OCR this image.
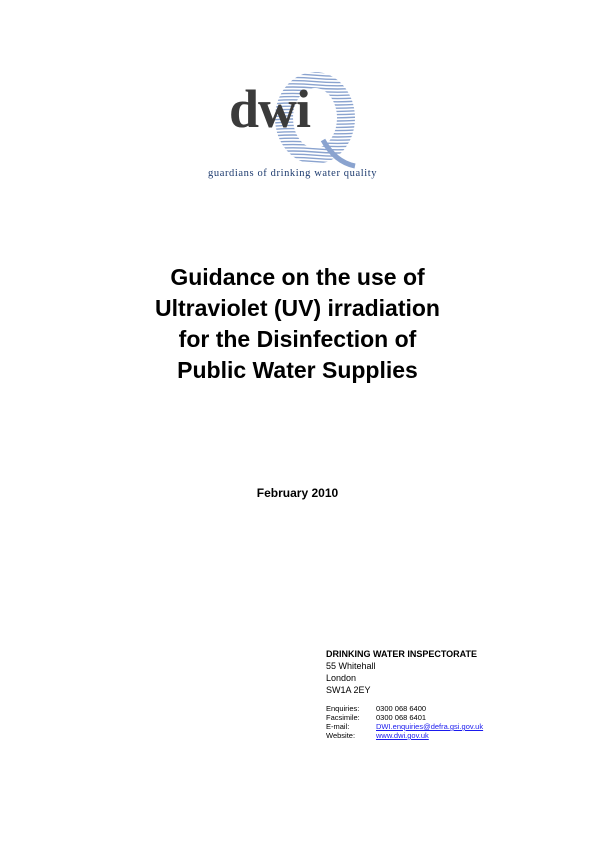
dwi
guardians of drinking water quality
Guidance on the use of
Ultraviolet (UV) irradiation
for the Disinfection of
Public Water Supplies
February 2010
DRINKING WATER INSPECTORATE
55 Whitehall
London
SW1A 2EY
Enquiries:	0300 068 6400
Facsimile:	0300 068 6401
E-mail:	DWI.enquiries@defra.gsi.gov.uk
Website:	www.dwi.gov.uk
